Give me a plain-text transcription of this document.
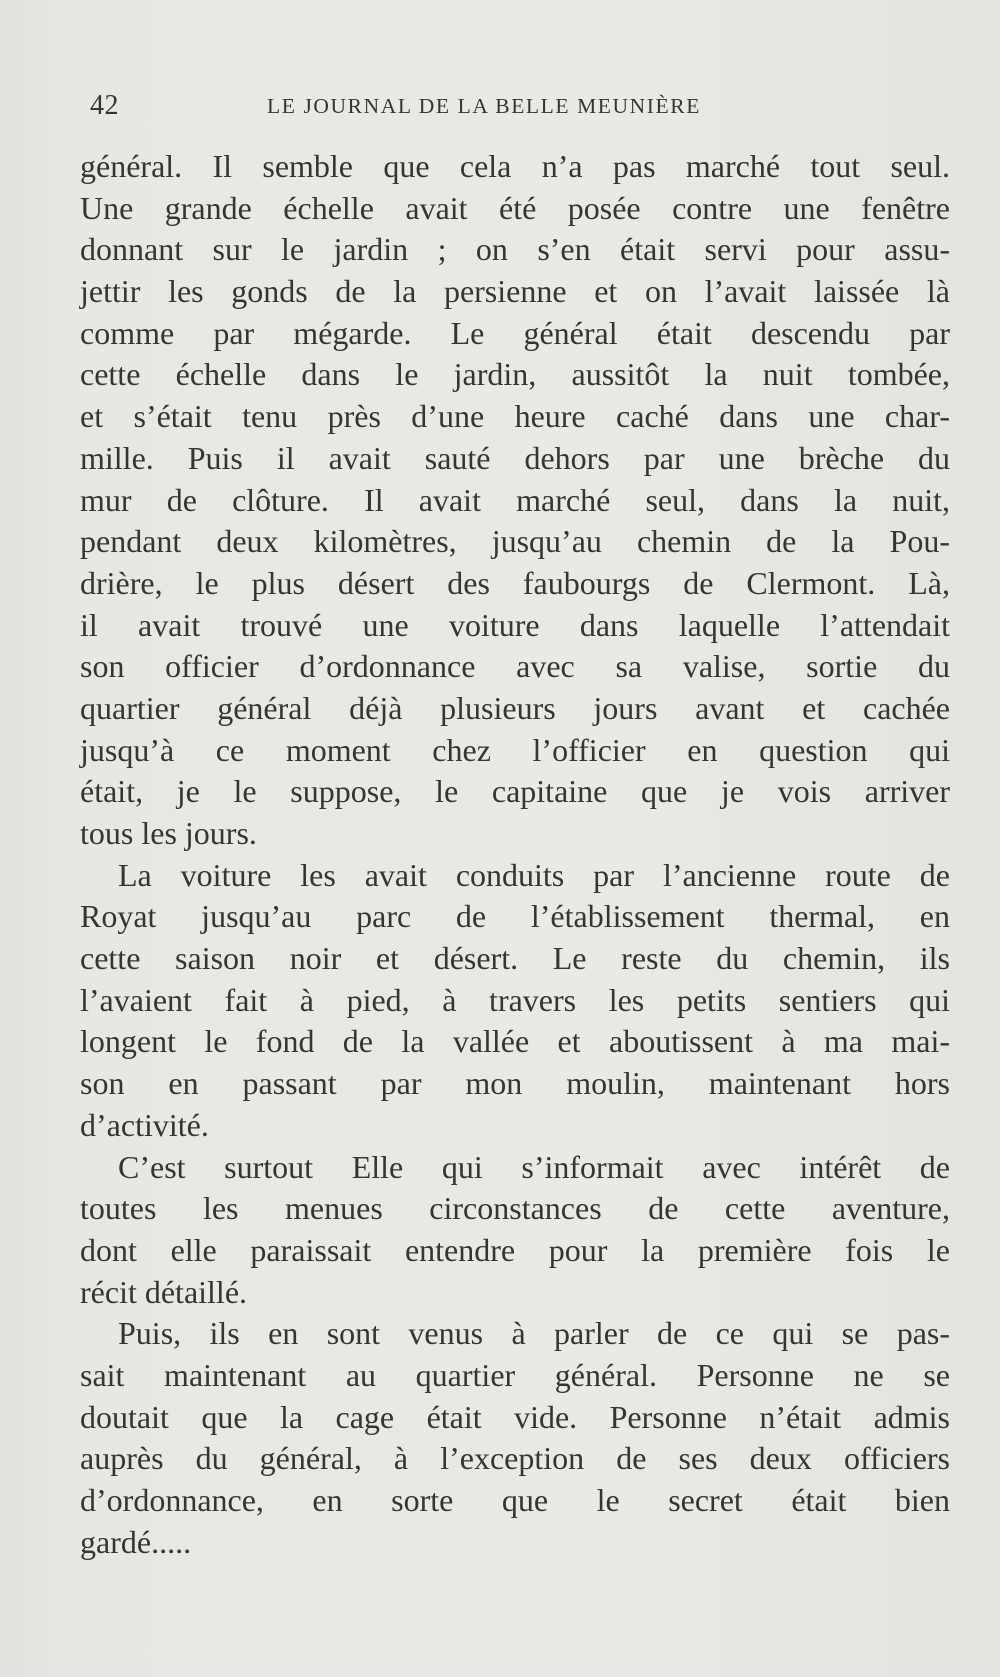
42	LE JOURNAL DE LA BELLE MEUNIÈRE
général. Il semble que cela n’a pas marché tout seul.
Une grande échelle avait été posée contre une fenêtre
donnant sur le jardin ; on s’en était servi pour assu-
jettir les gonds de la persienne et on l’avait laissée là
comme par mégarde. Le général était descendu par
cette échelle dans le jardin, aussitôt la nuit tombée,
et s’était tenu près d’une heure caché dans une char-
mille. Puis il avait sauté dehors par une brèche du
mur de clôture. Il avait marché seul, dans la nuit,
pendant deux kilomètres, jusqu’au chemin de la Pou-
drière, le plus désert des faubourgs de Clermont. Là,
il avait trouvé une voiture dans laquelle l’attendait
son officier d’ordonnance avec sa valise, sortie du
quartier général déjà plusieurs jours avant et cachée
jusqu’à ce moment chez l’officier en question qui
était, je le suppose, le capitaine que je vois arriver
tous les jours.
La voiture les avait conduits par l’ancienne route de
Royat jusqu’au parc de l’établissement thermal, en
cette saison noir et désert. Le reste du chemin, ils
l’avaient fait à pied, à travers les petits sentiers qui
longent le fond de la vallée et aboutissent à ma mai-
son en passant par mon moulin, maintenant hors
d’activité.
C’est surtout Elle qui s’informait avec intérêt de
toutes les menues circonstances de cette aventure,
dont elle paraissait entendre pour la première fois le
récit détaillé.
Puis, ils en sont venus à parler de ce qui se pas-
sait maintenant au quartier général. Personne ne se
doutait que la cage était vide. Personne n’était admis
auprès du général, à l’exception de ses deux officiers
d’ordonnance, en sorte que le secret était bien
gardé.....
